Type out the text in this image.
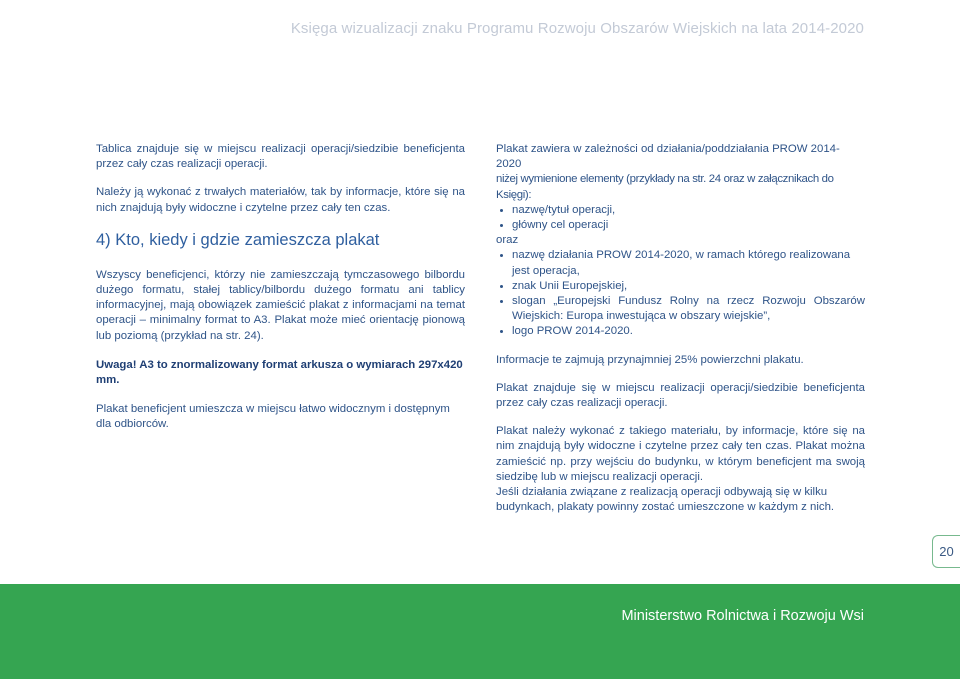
Księga wizualizacji znaku Programu Rozwoju Obszarów Wiejskich na lata 2014-2020

Tablica znajduje się w miejscu realizacji operacji/siedzibie beneficjenta przez cały czas realizacji operacji.

Należy ją wykonać z trwałych materiałów, tak by informacje, które się na nich znajdują były widoczne i czytelne przez cały ten czas.

4) Kto, kiedy i gdzie zamieszcza plakat

Wszyscy beneficjenci, którzy nie zamieszczają tymczasowego bilbordu dużego formatu, stałej tablicy/bilbordu dużego formatu ani tablicy informacyjnej, mają obowiązek zamieścić plakat z informacjami na temat operacji – minimalny format to A3. Plakat może mieć orientację pionową lub poziomą (przykład na str. 24).

Uwaga! A3 to znormalizowany format arkusza o wymiarach 297x420 mm.

Plakat beneficjent umieszcza w miejscu łatwo widocznym i dostępnym dla odbiorców.

Plakat zawiera w zależności od działania/poddziałania PROW 2014-2020

niżej wymienione elementy (przykłady na str. 24 oraz w załącznikach do Księgi):

nazwę/tytuł operacji,
główny cel operacji

oraz

nazwę działania PROW 2014-2020, w ramach którego realizowana jest operacja,
znak Unii Europejskiej,
slogan „Europejski Fundusz Rolny na rzecz Rozwoju Obszarów Wiejskich: Europa inwestująca w obszary wiejskie”,
logo PROW 2014-2020.

Informacje te zajmują przynajmniej 25% powierzchni plakatu.

Plakat znajduje się w miejscu realizacji operacji/siedzibie beneficjenta przez cały czas realizacji operacji.

Plakat należy wykonać z takiego materiału, by informacje, które się na nim znajdują były widoczne i czytelne przez cały ten czas. Plakat można zamieścić np. przy wejściu do budynku, w którym beneficjent ma swoją siedzibę lub w miejscu realizacji operacji.

Jeśli działania związane z realizacją operacji odbywają się w kilku budynkach, plakaty powinny zostać umieszczone w każdym z nich.

20
Ministerstwo Rolnictwa i Rozwoju Wsi
